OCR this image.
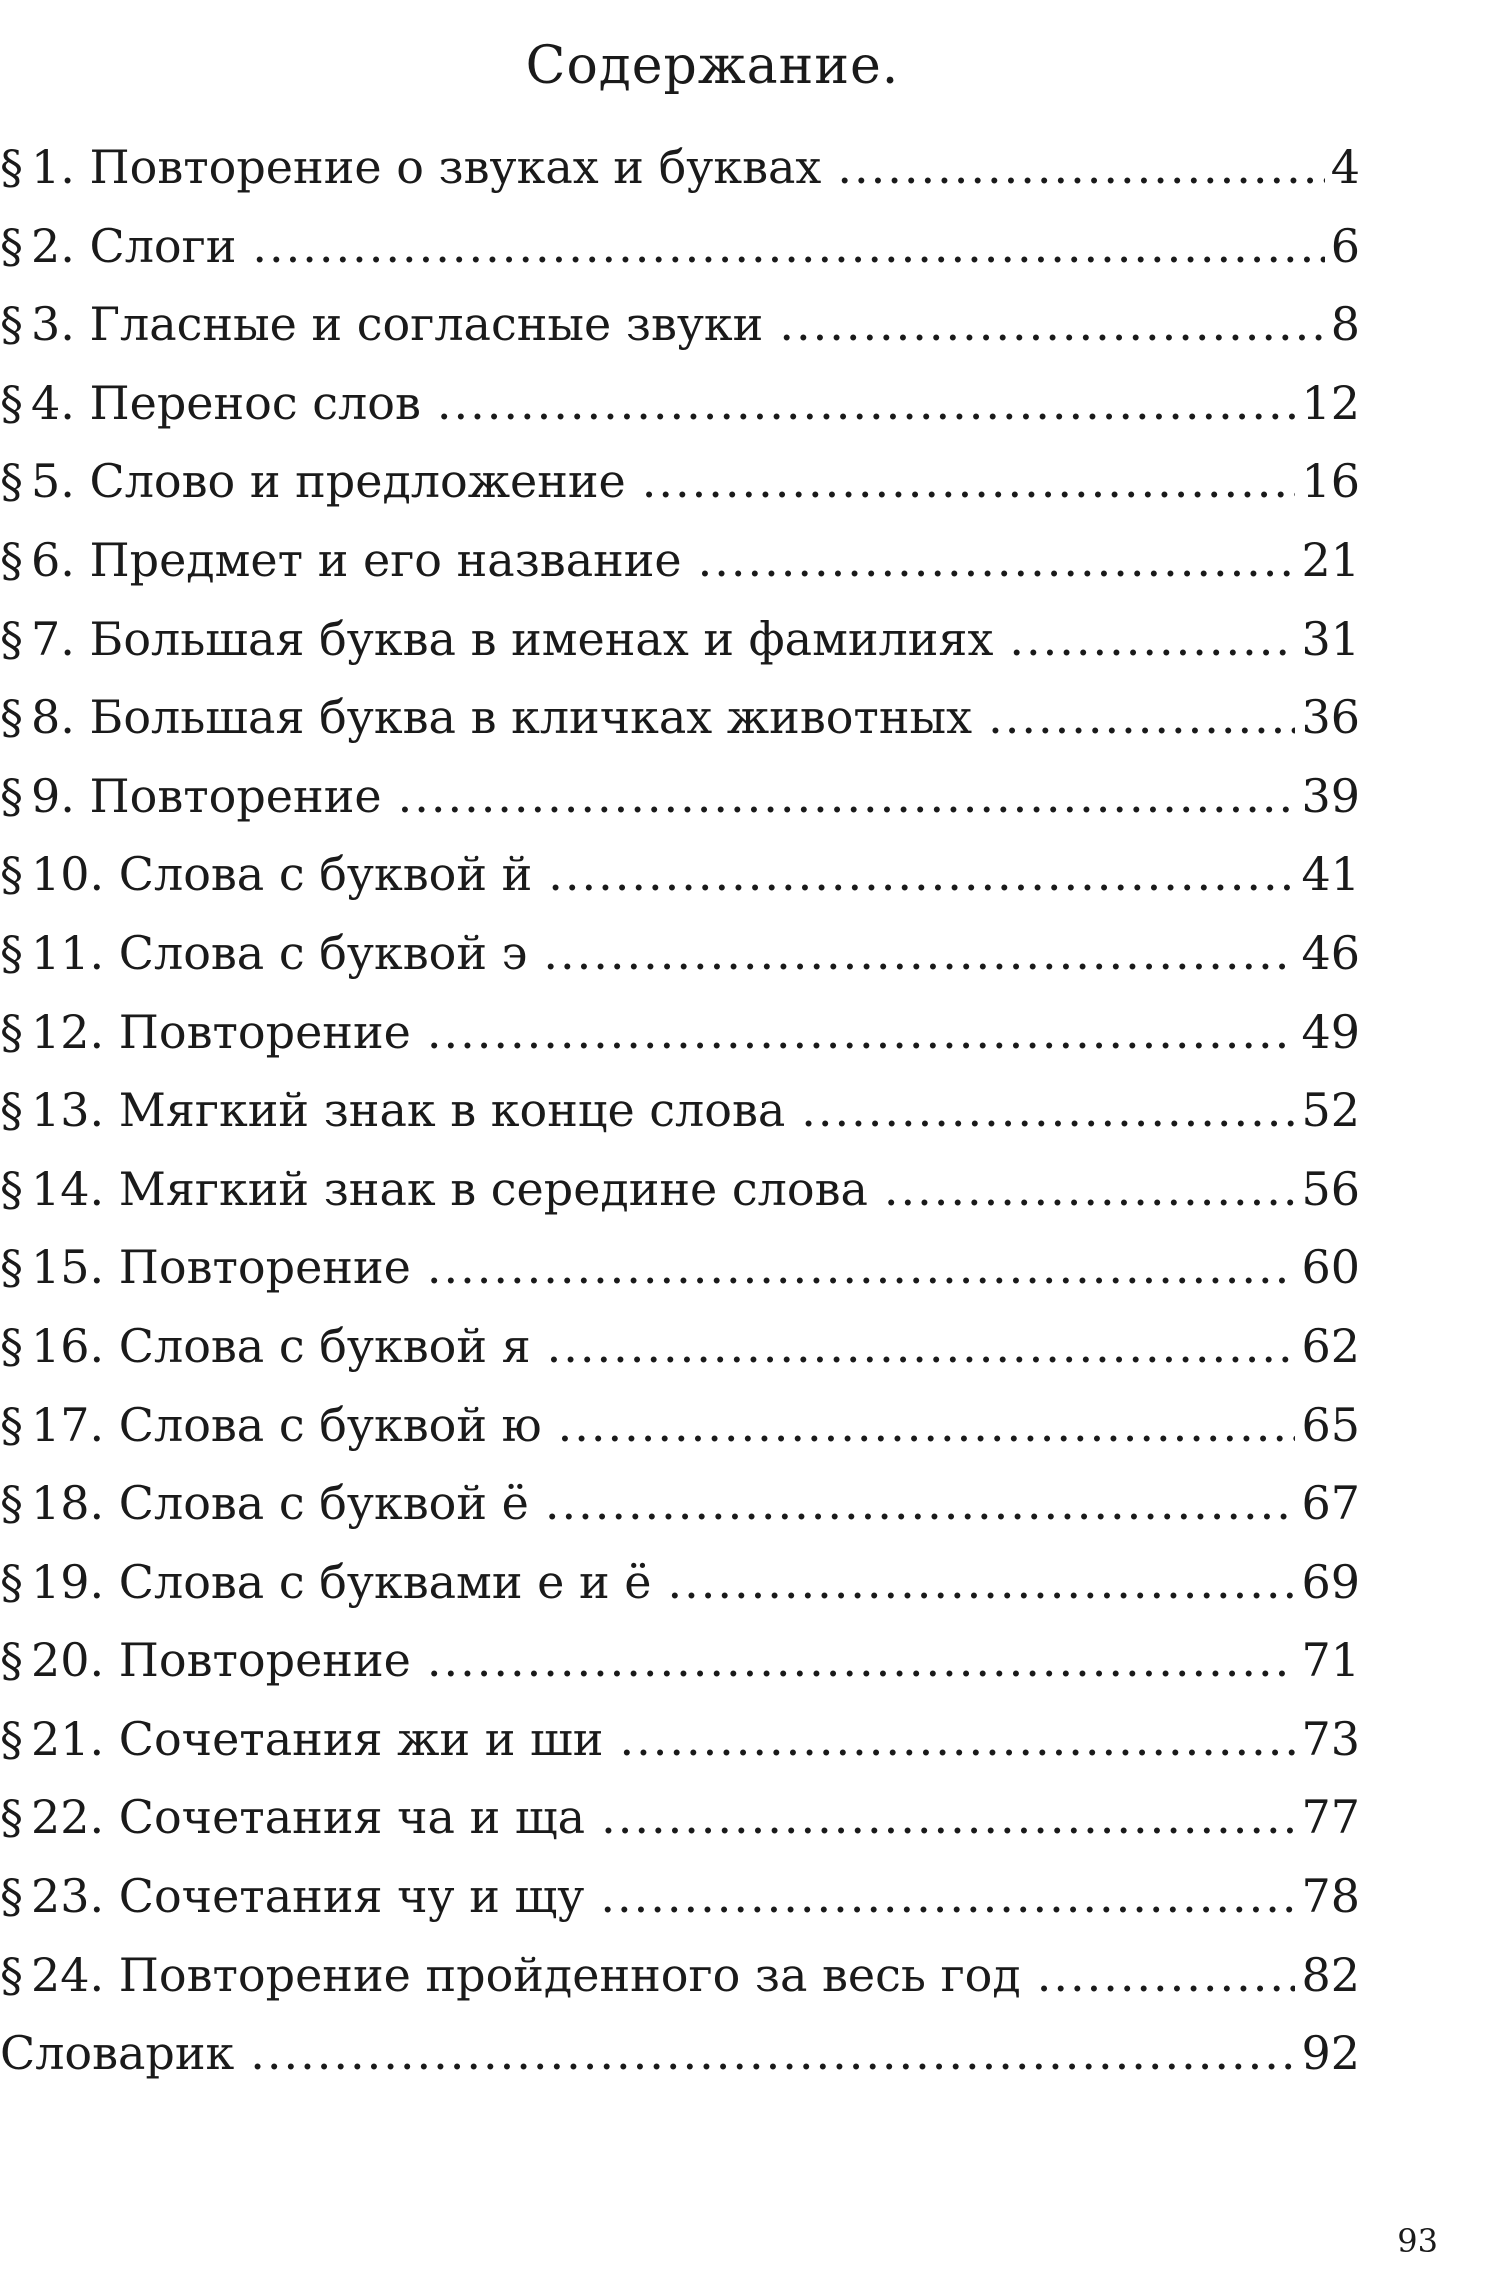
Содержание.
§ 1. Повторение о звуках и буквах .....	4
§ 2. Слоги .....	6
§ 3. Гласные и согласные звуки .....	8
§ 4. Перенос слов .....	12
§ 5. Слово и предложение .....	16
§ 6. Предмет и его название .....	21
§ 7. Большая буква в именах и фамилиях .....	31
§ 8. Большая буква в кличках животных .....	36
§ 9. Повторение .....	39
§ 10. Слова с буквой й .....	41
§ 11. Слова с буквой э .....	46
§ 12. Повторение .....	49
§ 13. Мягкий знак в конце слова .....	52
§ 14. Мягкий знак в середине слова .....	56
§ 15. Повторение .....	60
§ 16. Слова с буквой я .....	62
§ 17. Слова с буквой ю .....	65
§ 18. Слова с буквой ё .....	67
§ 19. Слова с буквами е и ё .....	69
§ 20. Повторение .....	71
§ 21. Сочетания жи и ши .....	73
§ 22. Сочетания ча и ща .....	77
§ 23. Сочетания чу и щу .....	78
§ 24. Повторение пройденного за весь год .....	82
Словарик .....	92
93
